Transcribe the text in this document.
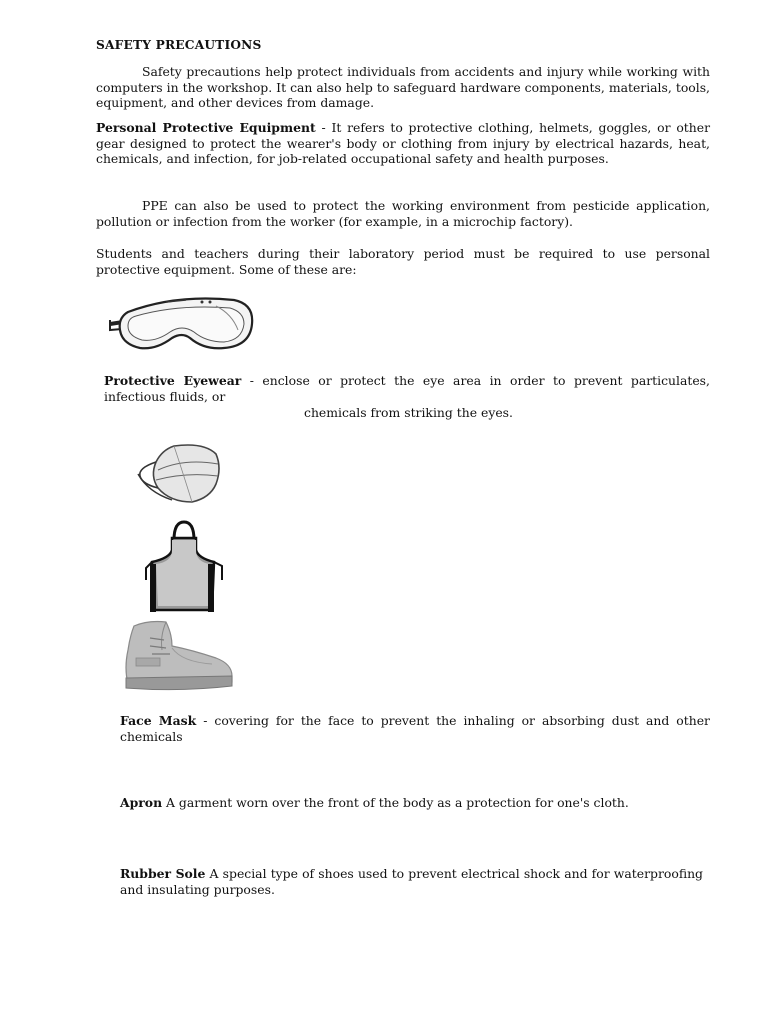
SAFETY PRECAUTIONS

Safety precautions help protect individuals from accidents and injury while working with computers in the workshop. It can also help to safeguard hardware components, materials, tools, equipment, and other devices from damage.

Personal Protective Equipment - It refers to protective clothing, helmets, goggles, or other gear designed to protect the wearer's body or clothing from injury by electrical hazards, heat, chemicals, and infection, for job-related occupational safety and health purposes.

PPE can also be used to protect the working environment from pesticide application, pollution or infection from the worker (for example, in a microchip factory).

Students and teachers during their laboratory period must be required to use personal protective equipment. Some of these are:

Protective Eyewear - enclose or protect the eye area in order to prevent particulates, infectious fluids, or

chemicals from striking the eyes.

Face Mask - covering for the face to prevent the inhaling or absorbing dust and other chemicals

Apron A garment worn over the front of the body as a protection for one's cloth.

Rubber Sole A special type of shoes used to prevent electrical shock and for waterproofing and insulating purposes.
